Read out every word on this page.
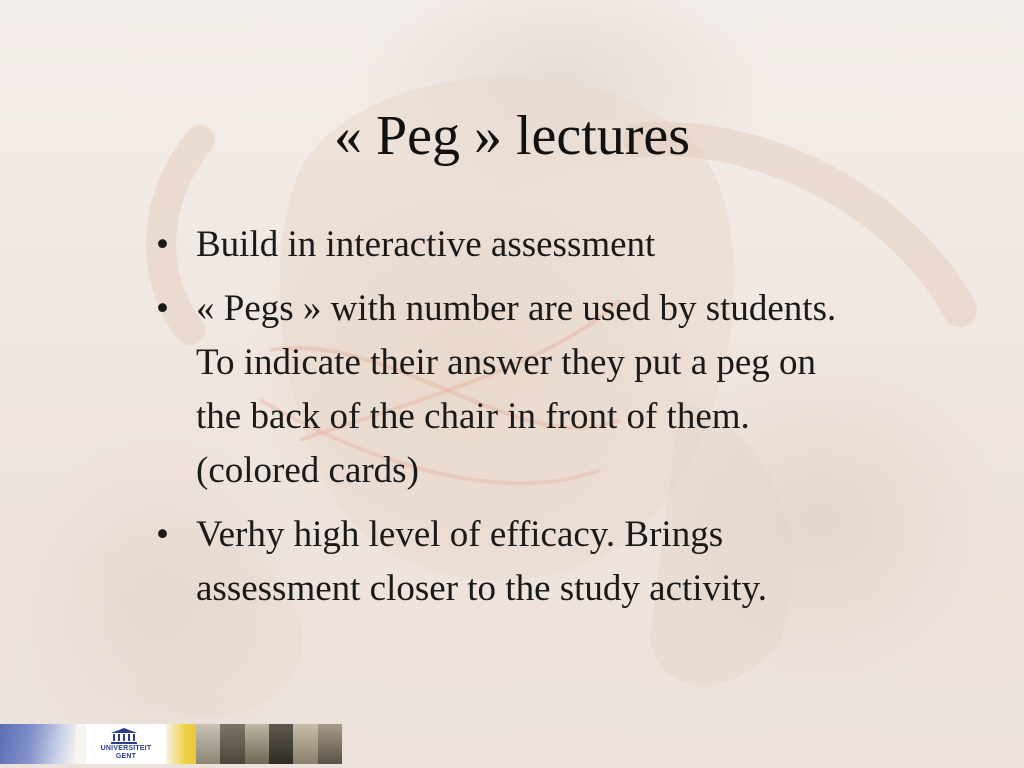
« Peg » lectures
• Build in interactive assessment
• « Pegs » with number are used by students.
To indicate their answer they put a peg on
the back of the chair in front of them.
(colored cards)
• Verhy high level of efficacy. Brings
assessment closer to the study activity.
UNIVERSITEIT
GENT
